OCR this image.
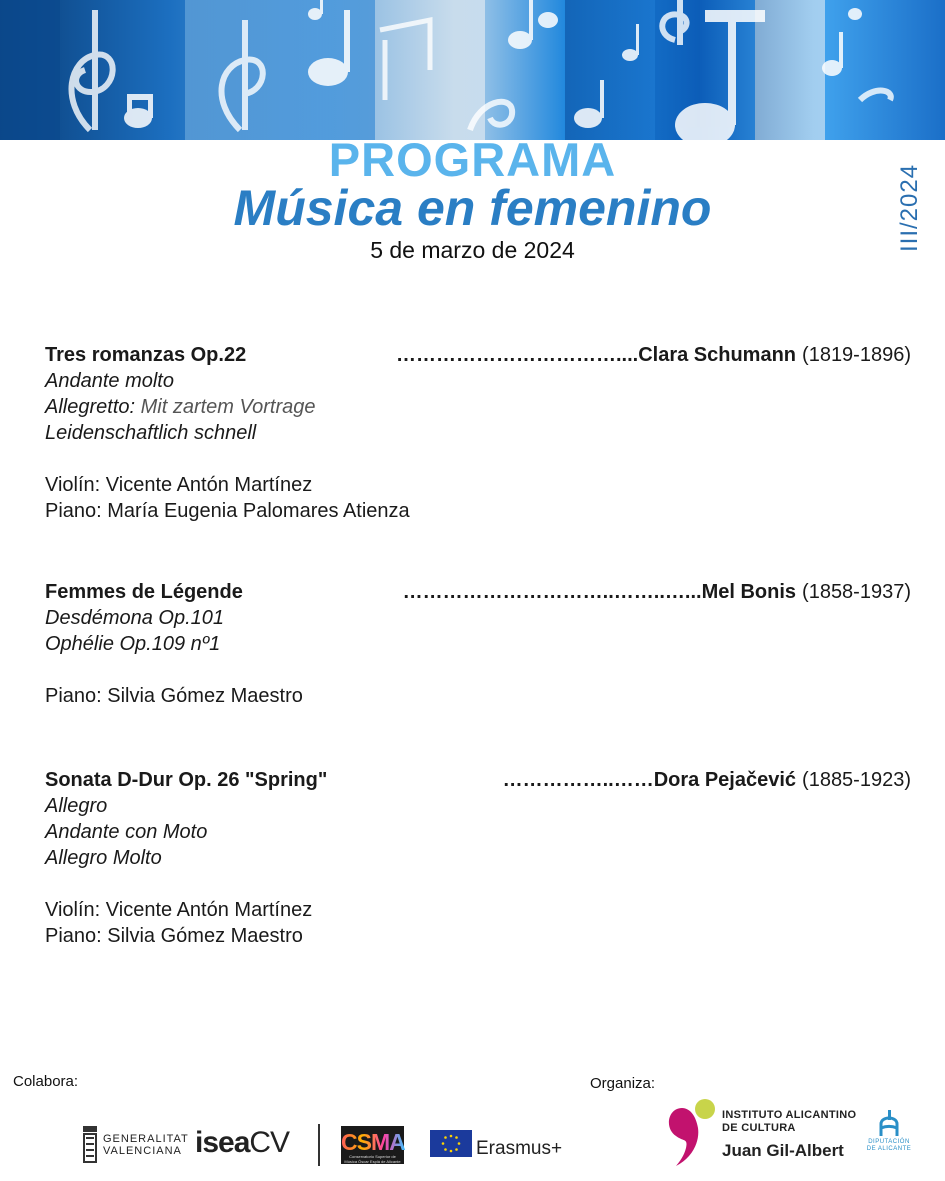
PROGRAMA
Música en femenino
5 de marzo de 2024	III/2024
Tres romanzas Op.22	…………………………….... Clara Schumann (1819-1896)
Andante molto
Allegretto: Mit zartem Vortrage
Leidenschaftlich schnell
Violín: Vicente Antón Martínez
Piano: María Eugenia Palomares Atienza
Femmes de Légende	…………………………..……..…... Mel Bonis (1858-1937)
Desdémona Op.101
Ophélie Op.109 nº1
Piano: Silvia Gómez Maestro
Sonata D-Dur Op. 26 "Spring"	……………..…… Dora Pejačević (1885-1923)
Allegro
Andante con Moto
Allegro Molto
Violín: Vicente Antón Martínez
Piano: Silvia Gómez Maestro
Colabora:	Organiza:
GENERALITAT
VALENCIANA iseaCV CSMA
Conservatorio Superior de Música Óscar Esplá de Alicante
Erasmus+
INSTITUTO ALICANTINO
DE CULTURA
Juan Gil-Albert	DIPUTACIÓN
DE ALICANTE
